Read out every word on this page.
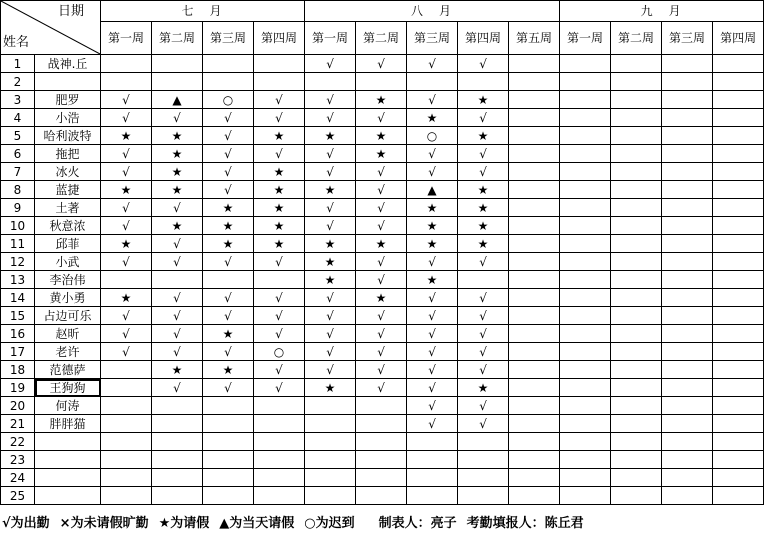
日期
姓名		七　月				八　月					九　月			
		第一周	第二周	第三周	第四周	第一周	第二周	第三周	第四周	第五周	第一周	第二周	第三周	第四周
1	战神.丘					√	√	√	√					
2														
3	肥罗	√	▲	○	√	√	★	√	★					
4	小浩	√	√	√	√	√	√	★	√					
5	哈利波特	★	★	√	★	★	★	○	★					
6	拖把	√	★	√	√	√	★	√	√					
7	冰火	√	★	√	★	√	√	√	√					
8	蓝捷	★	★	√	★	★	√	▲	★					
9	土著	√	√	★	★	√	√	★	★					
10	秋意浓	√	★	★	★	√	√	★	★					
11	邱菲	★	√	★	★	★	★	★	★					
12	小武	√	√	√	√	★	√	√	√					
13	李治伟					★	√	★						
14	黄小勇	★	√	√	√	√	★	√	√					
15	占边可乐	√	√	√	√	√	√	√	√					
16	赵昕	√	√	★	√	√	√	√	√					
17	老许	√	√	√	○	√	√	√	√					
18	范德萨		★	★	√	√	√	√	√					
19	王狗狗		√	√	√	★	√	√	★					
20	何涛							√	√					
21	胖胖猫							√	√					
22														
23														
24														
25														
√为出勤 ×为未请假旷勤 ★为请假 ▲为当天请假 ○为迟到 制表人：亮子 考勤填报人：陈丘君
